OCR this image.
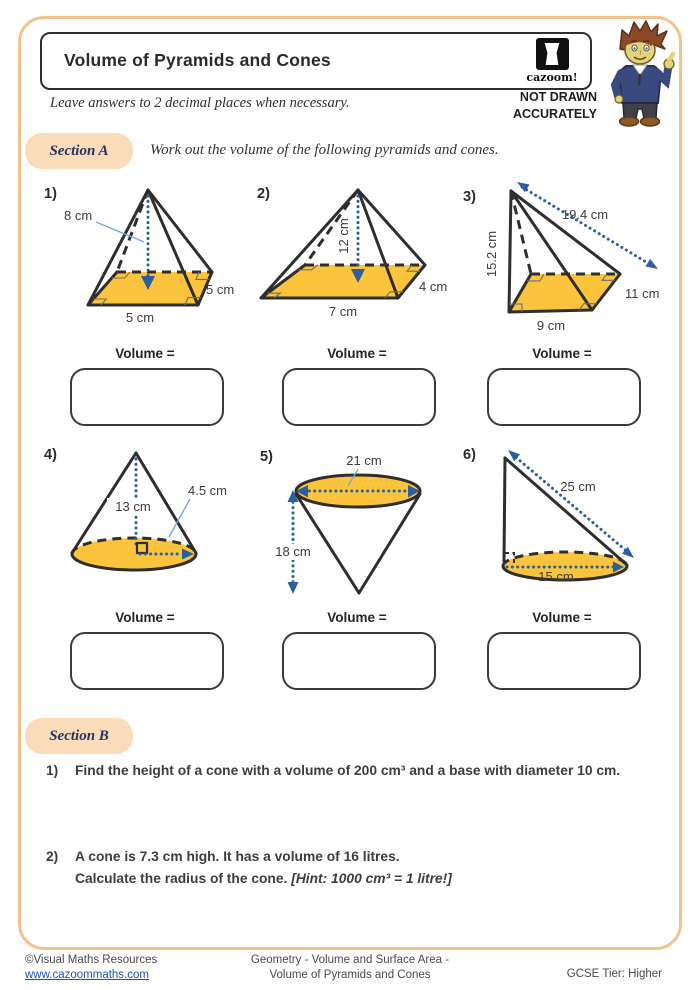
Volume of Pyramids and Cones
cazoom!
Leave answers to 2 decimal places when necessary.	NOT DRAWN
ACCURATELY
Section A	Work out the volume of the following pyramids and cones.
1)	2)	3)
4)	5)	6)
8 cm
5 cm
5 cm
12 cm
7 cm
4 cm
19.4 cm
15.2 cm
11 cm
9 cm
Volume =	Volume =	Volume =
13 cm
4.5 cm
21 cm
18 cm
25 cm
15 cm
Volume =	Volume =	Volume =
Section B
1) Find the height of a cone with a volume of 200 cm³ and a base with diameter 10 cm.
2) A cone is 7.3 cm high. It has a volume of 16 litres.
Calculate the radius of the cone. [Hint: 1000 cm³ = 1 litre!]
©Visual Maths Resources
www.cazoommaths.com
Geometry - Volume and Surface Area -
Volume of Pyramids and Cones	GCSE Tier: Higher
